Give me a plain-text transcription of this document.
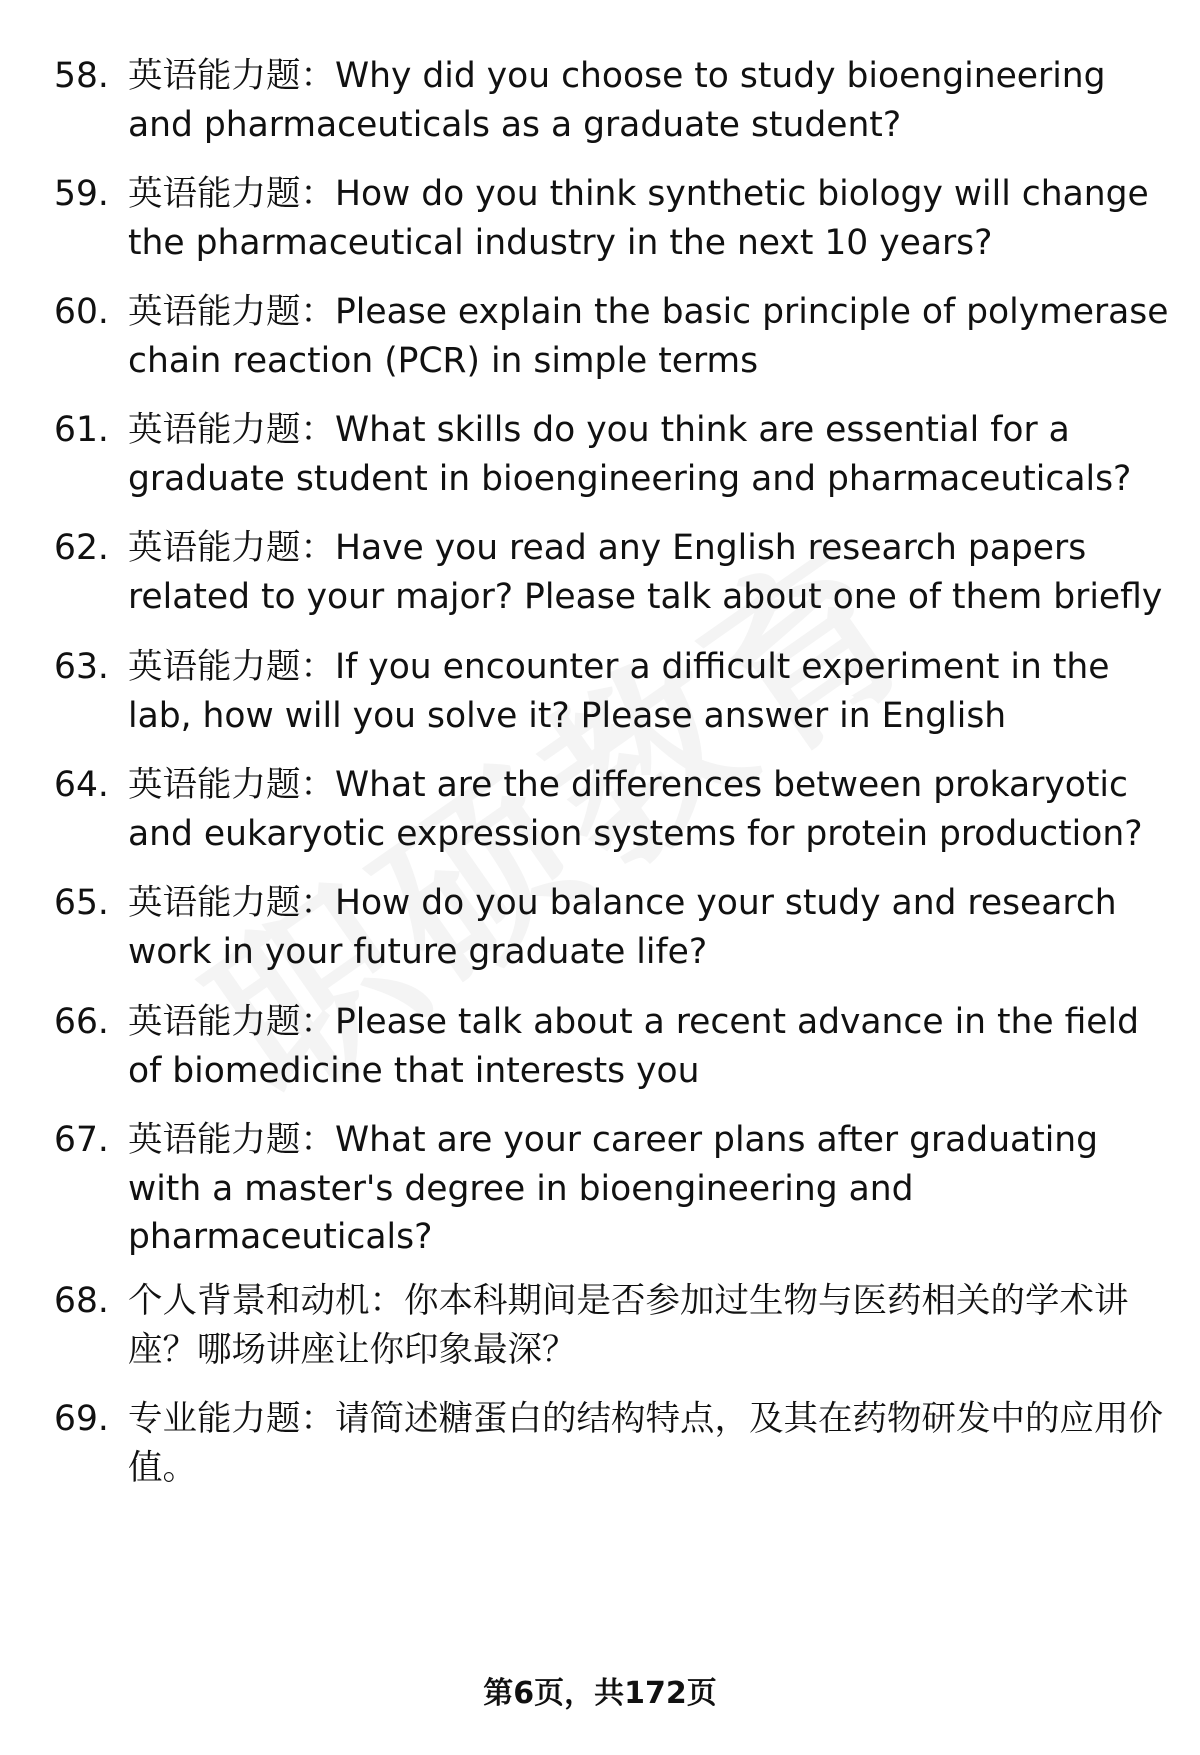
58. 英语能力题：Why did you choose to study bioengineering and pharmaceuticals as a graduate student?
59. 英语能力题：How do you think synthetic biology will change the pharmaceutical industry in the next 10 years?
60. 英语能力题：Please explain the basic principle of polymerase chain reaction (PCR) in simple terms
61. 英语能力题：What skills do you think are essential for a graduate student in bioengineering and pharmaceuticals?
62. 英语能力题：Have you read any English research papers related to your major? Please talk about one of them briefly
63. 英语能力题：If you encounter a difficult experiment in the lab, how will you solve it? Please answer in English
64. 英语能力题：What are the differences between prokaryotic and eukaryotic expression systems for protein production?
65. 英语能力题：How do you balance your study and research work in your future graduate life?
66. 英语能力题：Please talk about a recent advance in the field of biomedicine that interests you
67. 英语能力题：What are your career plans after graduating with a master's degree in bioengineering and pharmaceuticals?
68. 个人背景和动机：你本科期间是否参加过生物与医药相关的学术讲座？哪场讲座让你印象最深？
69. 专业能力题：请简述糖蛋白的结构特点，及其在药物研发中的应用价值。
第6页，共172页
